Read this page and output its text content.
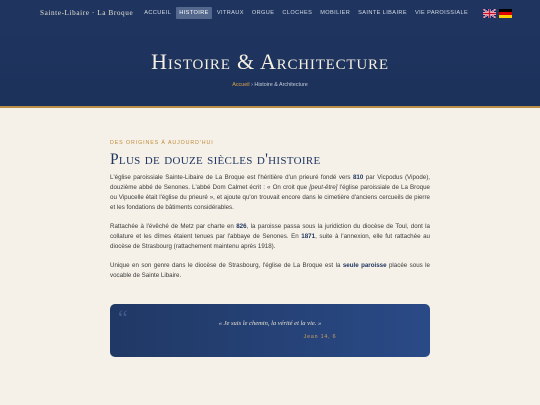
Sainte-Libaire · La Broque	ACCUEIL	HISTOIRE	VITRAUX	ORGUE	CLOCHES	MOBILIER	SAINTE LIBAIRE	VIE PAROISSIALE
Histoire & Architecture
Accueil › Histoire & Architecture
DES ORIGINES À AUJOURD'HUI
Plus de douze siècles d'histoire

L'église paroissiale Sainte-Libaire de La Broque est l'héritière d'un prieuré fondé vers 810 par Vicpodus (Vipode), douzième abbé de Senones. L'abbé Dom Calmet écrit : « On croit que [peut-être] l'église paroissiale de La Broque ou Vipucelle était l'église du prieuré », et ajoute qu'on trouvait encore dans le cimetière d'anciens cercueils de pierre et les fondations de bâtiments considérables.

Rattachée à l'évêché de Metz par charte en 826, la paroisse passa sous la juridiction du diocèse de Toul, dont la collature et les dîmes étaient tenues par l'abbaye de Senones. En 1871, suite à l'annexion, elle fut rattachée au diocèse de Strasbourg (rattachement maintenu après 1918).

Unique en son genre dans le diocèse de Strasbourg, l'église de La Broque est la seule paroisse placée sous le vocable de Sainte Libaire.

“	« Je suis le chemin, la vérité et la vie. »
Jean 14, 6
